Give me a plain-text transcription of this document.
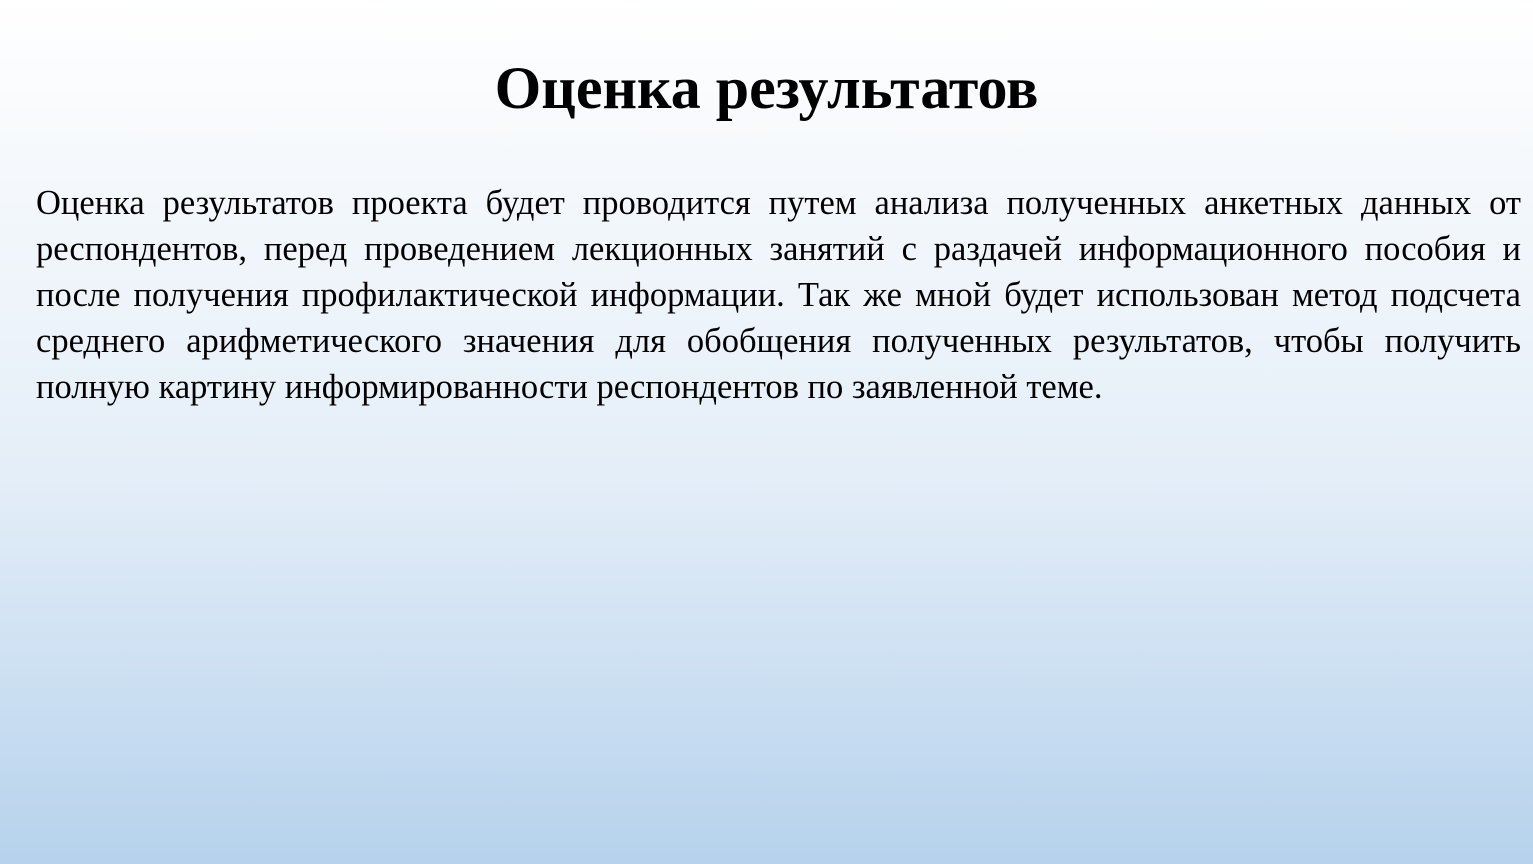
Оценка результатов

Оценка результатов проекта будет проводится путем анализа полученных анкетных данных от респондентов, перед проведением лекционных занятий с раздачей информационного пособия и после получения профилактической информации. Так же мной будет использован метод подсчета среднего арифметического значения для обобщения полученных результатов, чтобы получить полную картину информированности респондентов по заявленной теме.
